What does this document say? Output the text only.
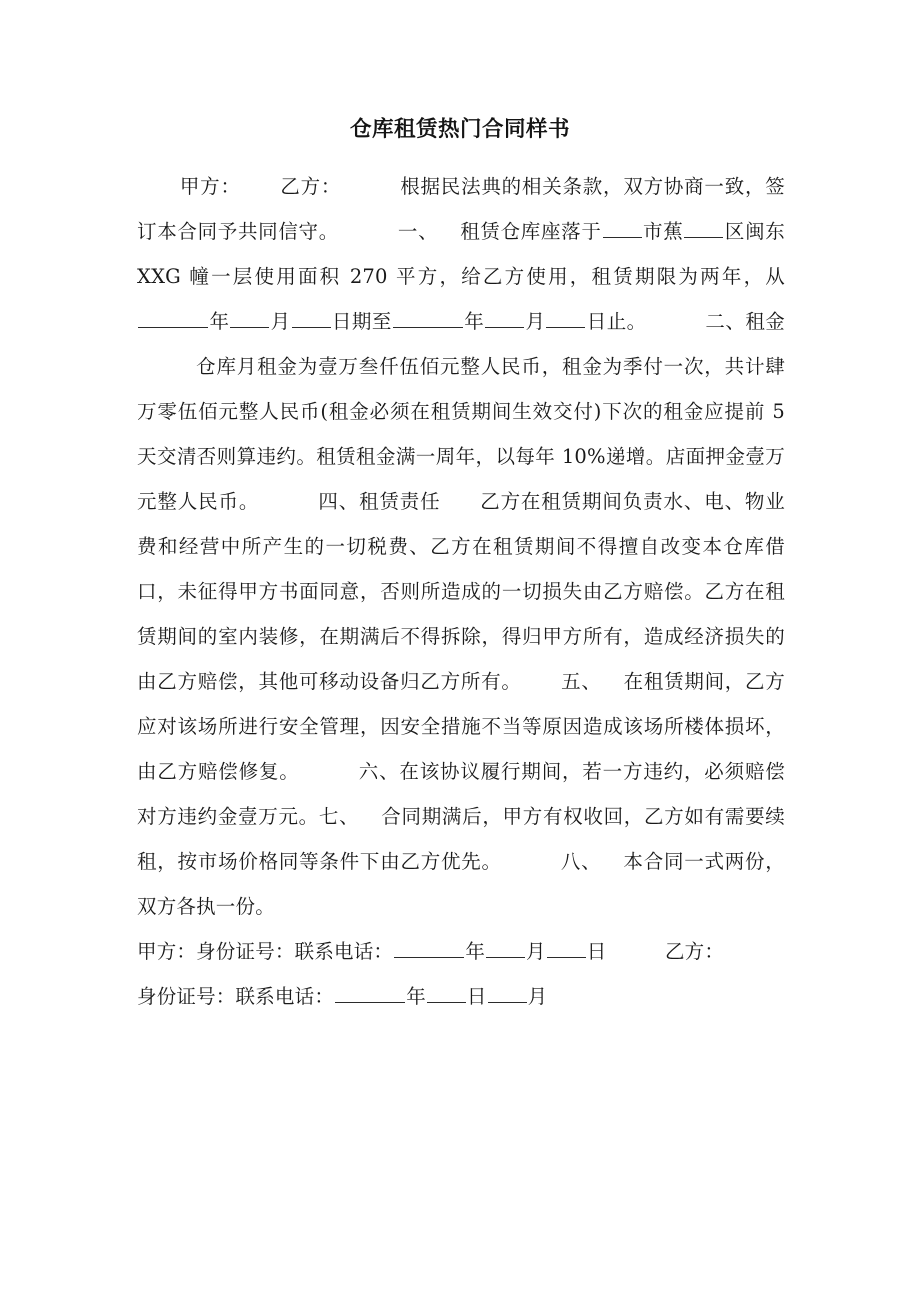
仓库租赁热门合同样书

甲方： 乙方：	根据民法典的相关条款，双方协商一致，签订本合同予共同信守。	一、 租赁仓库座落于 市蕉 区闽东 XXG 幢一层使用面积 270 平方，给乙方使用，租赁期限为两年，从年 月 日期至	年 月 日止。	二、租金仓库月租金为壹万叁仟伍佰元整人民币，租金为季付一次，共计肆万零伍佰元整人民币(租金必须在租赁期间生效交付)下次的租金应提前 5 天交清否则算违约。租赁租金满一周年，以每年 10%递增。店面押金壹万元整人民币。	四、租赁责任 乙方在租赁期间负责水、电、物业费和经营中所产生的一切税费、乙方在租赁期间不得擅自改变本仓库借口，未征得甲方书面同意，否则所造成的一切损失由乙方赔偿。乙方在租赁期间的室内装修，在期满后不得拆除，得归甲方所有，造成经济损失的由乙方赔偿，其他可移动设备归乙方所有。 五、 在租赁期间，乙方应对该场所进行安全管理，因安全措施不当等原因造成该场所楼体损坏，由乙方赔偿修复。	六、在该协议履行期间，若一方违约，必须赔偿对方违约金壹万元。七、 合同期满后，甲方有权收回，乙方如有需要续租，按市场价格同等条件下由乙方优先。	八、 本合同一式两份，双方各执一份。

甲方：身份证号：联系电话：	年 月 日	乙方：

身份证号：联系电话：	年 日 月
